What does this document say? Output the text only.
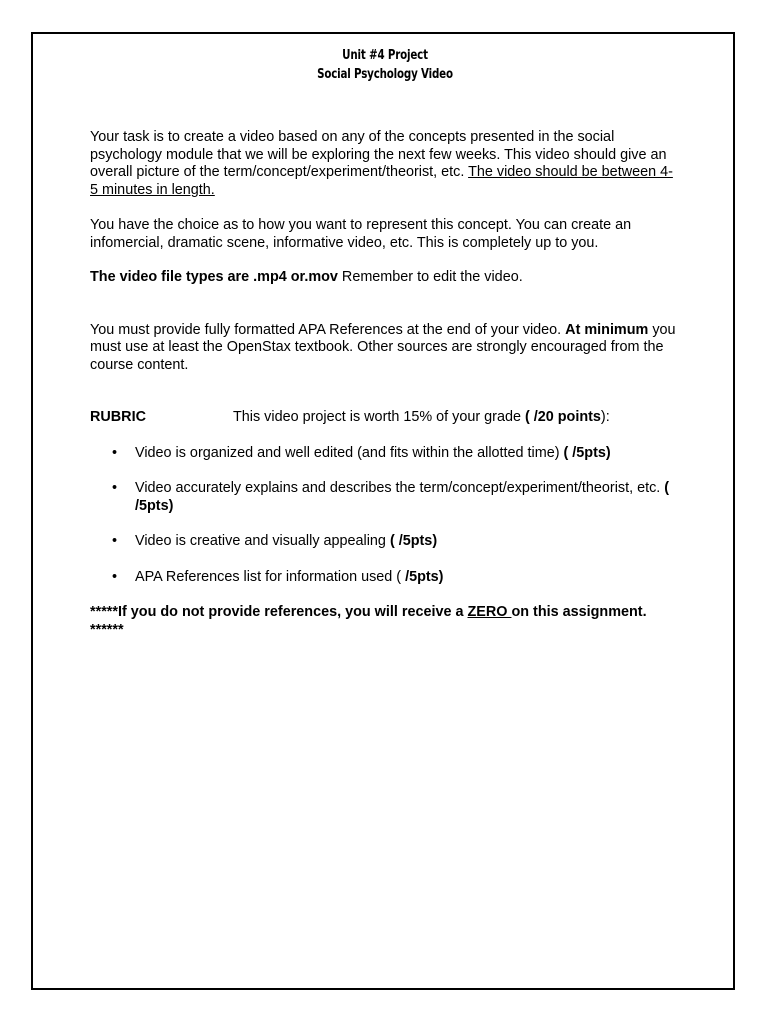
Unit #4 Project
Social Psychology Video

Your task is to create a video based on any of the concepts presented in the social psychology module that we will be exploring the next few weeks. This video should give an overall picture of the term/concept/experiment/theorist, etc. The video should be between 4-5 minutes in length.

You have the choice as to how you want to represent this concept. You can create an infomercial, dramatic scene, informative video, etc. This is completely up to you.

The video file types are .mp4 or.mov Remember to edit the video.

You must provide fully formatted APA References at the end of your video. At minimum you must use at least the OpenStax textbook. Other sources are strongly encouraged from the course content.

RUBRIC	This video project is worth 15% of your grade ( /20 points):
• Video is organized and well edited (and fits within the allotted time) ( /5pts)
• Video accurately explains and describes the term/concept/experiment/theorist, etc. ( /5pts)
• Video is creative and visually appealing ( /5pts)
• APA References list for information used ( /5pts)

*****If you do not provide references, you will receive a ZERO on this assignment. ******
